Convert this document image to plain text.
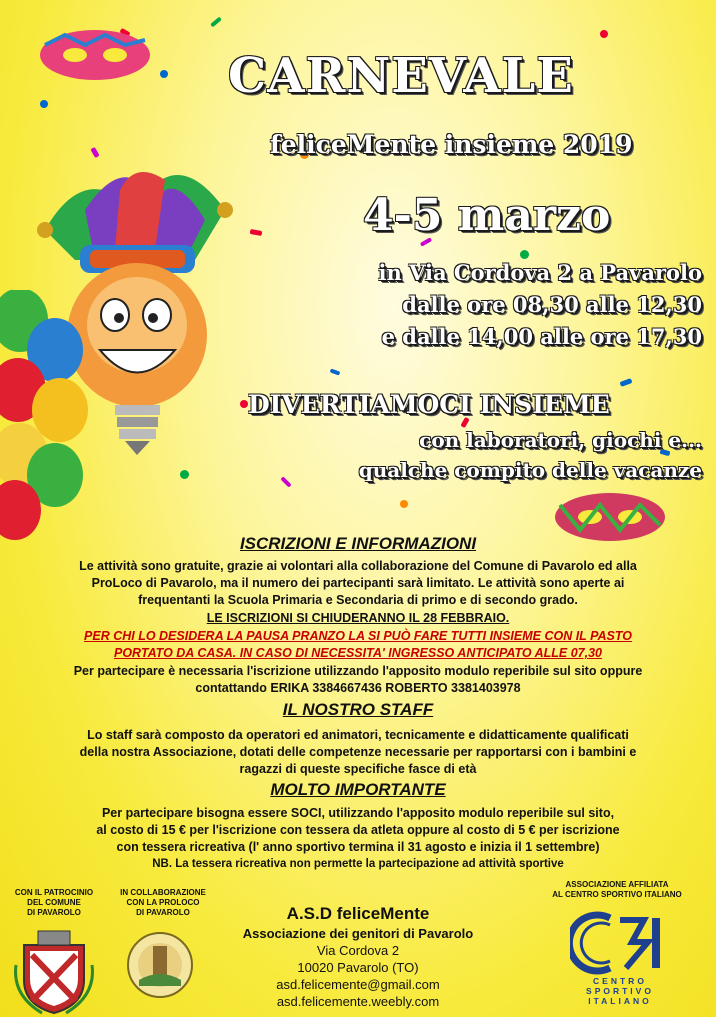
CARNEVALE
feliceMente insieme 2019
4-5 marzo
in Via Cordova 2 a Pavarolo
dalle ore 08,30 alle 12,30
e dalle 14,00 alle ore 17,30
DIVERTIAMOCI INSIEME
con laboratori, giochi e...
qualche compito delle vacanze
ISCRIZIONI E INFORMAZIONI
Le attività sono gratuite, grazie ai volontari alla collaborazione del Comune di Pavarolo ed alla
ProLoco di Pavarolo, ma il numero dei partecipanti sarà limitato. Le attività sono aperte ai
frequentanti la Scuola Primaria e Secondaria di primo e di secondo grado.
LE ISCRIZIONI SI CHIUDERANNO IL 28 FEBBRAIO.
PER CHI LO DESIDERA LA PAUSA PRANZO LA SI PUÒ FARE TUTTI INSIEME CON IL PASTO
PORTATO DA CASA. IN CASO DI NECESSITA' INGRESSO ANTICIPATO ALLE 07,30
Per partecipare è necessaria l'iscrizione utilizzando l'apposito modulo reperibile sul sito oppure
contattando ERIKA 3384667436 ROBERTO 3381403978
IL NOSTRO STAFF
Lo staff sarà composto da operatori ed animatori, tecnicamente e didatticamente qualificati
della nostra Associazione, dotati delle competenze necessarie per rapportarsi con i bambini e
ragazzi di queste specifiche fasce di età
MOLTO IMPORTANTE
Per partecipare bisogna essere SOCI, utilizzando l'apposito modulo reperibile sul sito,
al costo di 15 € per l'iscrizione con tessera da atleta oppure al costo di 5 € per iscrizione
con tessera ricreativa (l' anno sportivo termina il 31 agosto e inizia il 1 settembre)
NB. La tessera ricreativa non permette la partecipazione ad attività sportive
CON IL PATROCINIO
DEL COMUNE
DI PAVAROLO
IN COLLABORAZIONE
CON LA PROLOCO
DI PAVAROLO	A.S.D feliceMente
Associazione dei genitori di Pavarolo
Via Cordova 2
10020 Pavarolo (TO)
asd.felicemente@gmail.com
asd.felicemente.weebly.com
ASSOCIAZIONE AFFILIATA
AL CENTRO SPORTIVO ITALIANO
CENTRO
SPORTIVO
ITALIANO
